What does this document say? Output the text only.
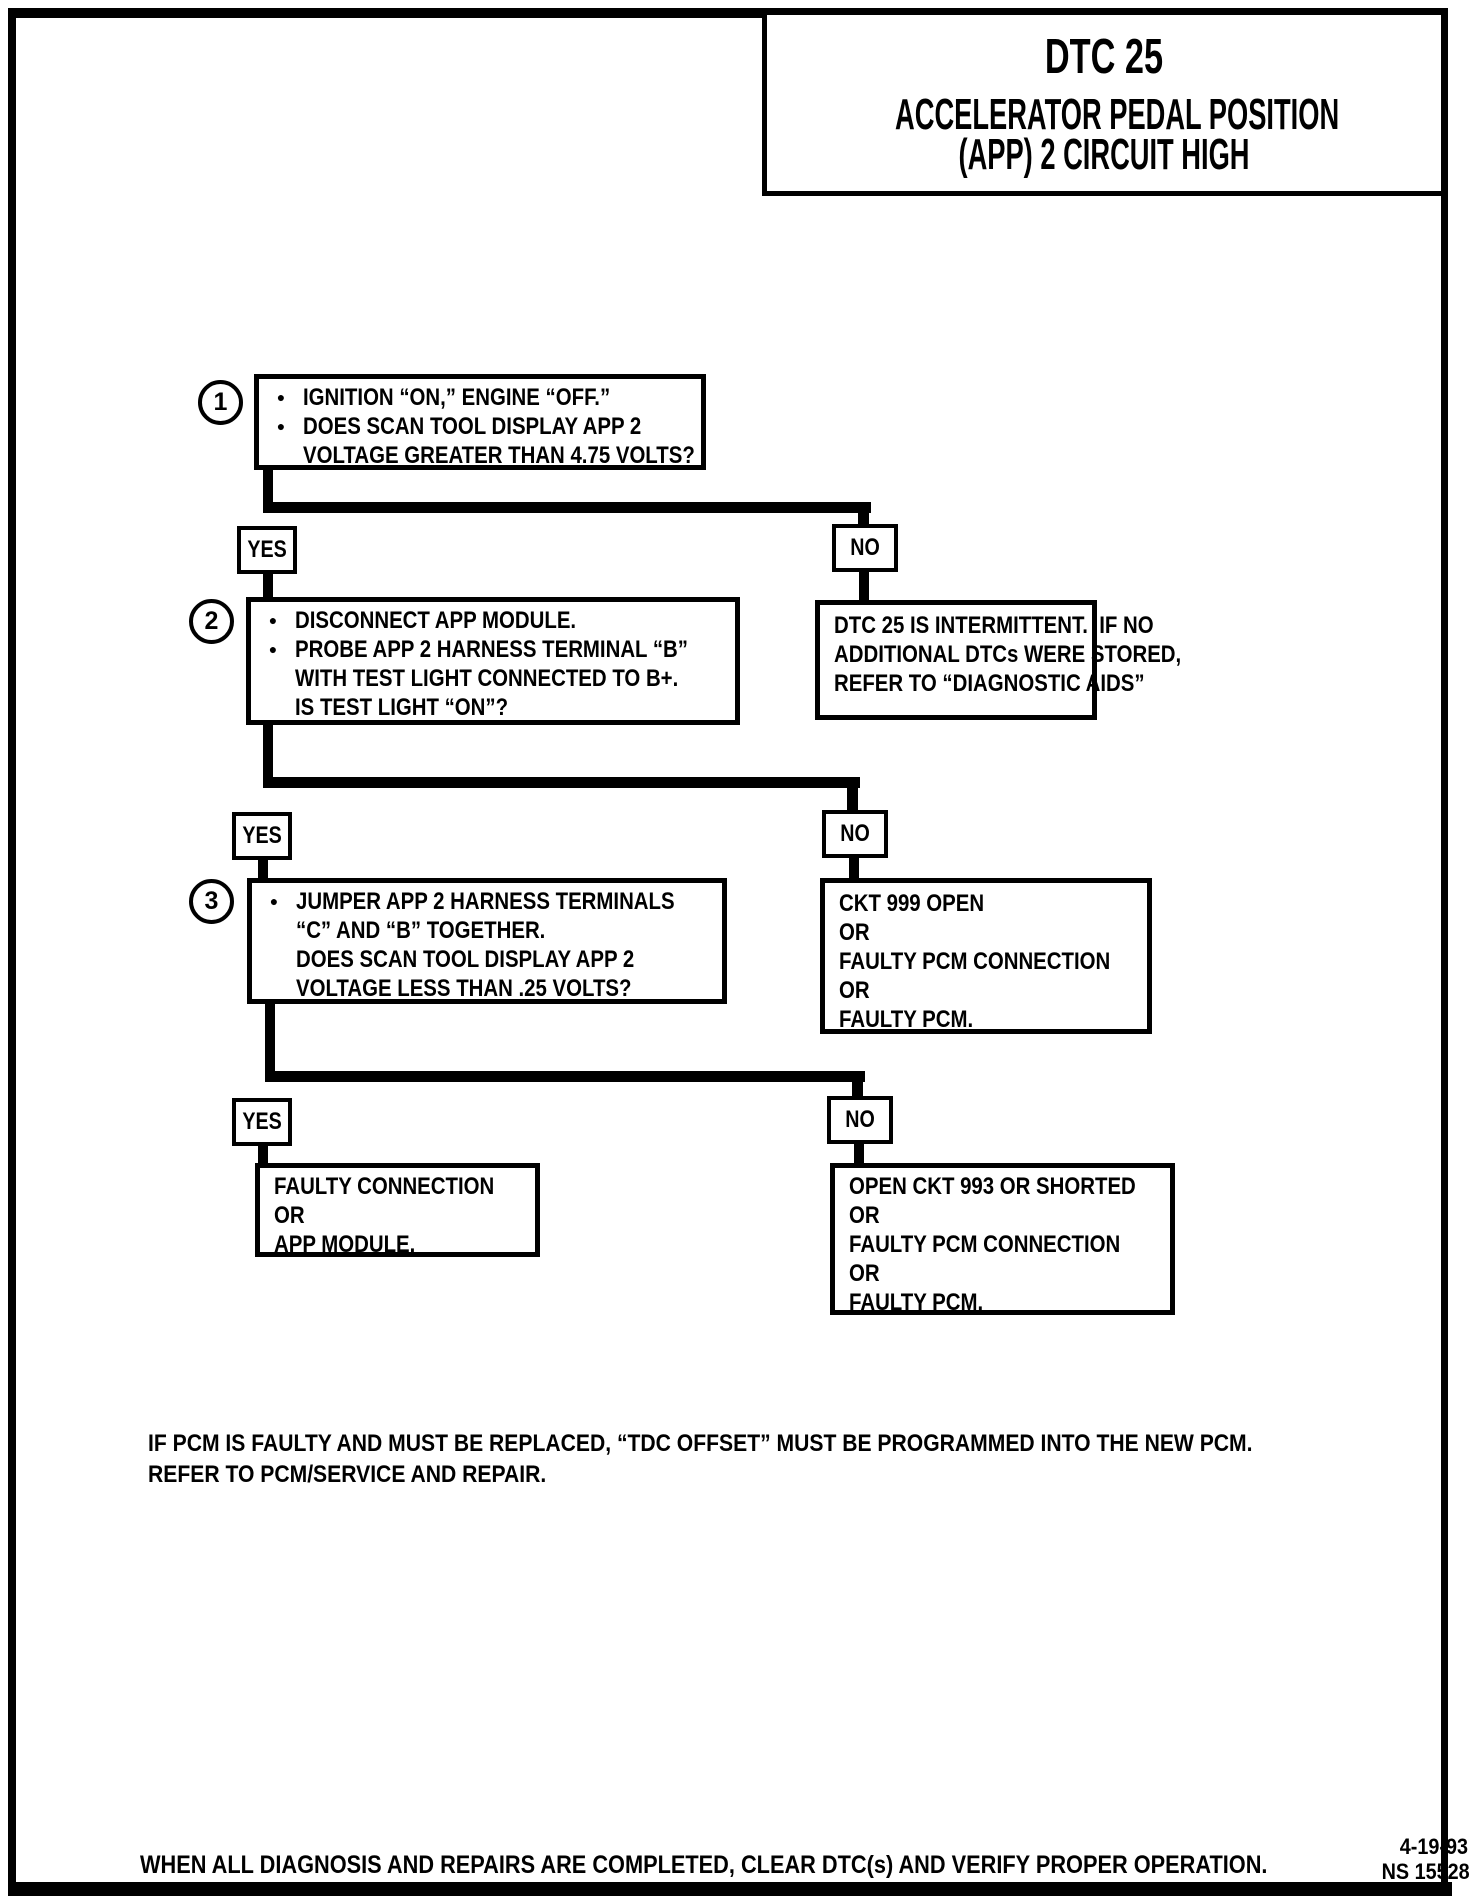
DTC 25
ACCELERATOR PEDAL POSITION
(APP) 2 CIRCUIT HIGH
1	● IGNITION “ON,” ENGINE “OFF.”
● DOES SCAN TOOL DISPLAY APP 2
VOLTAGE GREATER THAN 4.75 VOLTS?
YES	NO
2	● DISCONNECT APP MODULE.
● PROBE APP 2 HARNESS TERMINAL “B”
WITH TEST LIGHT CONNECTED TO B+.
IS TEST LIGHT “ON”?
DTC 25 IS INTERMITTENT.  IF NO
ADDITIONAL DTCs WERE STORED,
REFER TO “DIAGNOSTIC AIDS”
YES	NO
3	● JUMPER APP 2 HARNESS TERMINALS
“C” AND “B” TOGETHER.
DOES SCAN TOOL DISPLAY APP 2
VOLTAGE LESS THAN .25 VOLTS?
CKT 999 OPEN
OR
FAULTY PCM CONNECTION
OR
FAULTY PCM.
YES	NO
FAULTY CONNECTION
OR
APP MODULE.
OPEN CKT 993 OR SHORTED
OR
FAULTY PCM CONNECTION
OR
FAULTY PCM.
IF PCM IS FAULTY AND MUST BE REPLACED, “TDC OFFSET” MUST BE PROGRAMMED INTO THE NEW PCM.
REFER TO PCM/SERVICE AND REPAIR.
WHEN ALL DIAGNOSIS AND REPAIRS ARE COMPLETED, CLEAR DTC(s) AND VERIFY PROPER OPERATION.
4-19-93
NS 15528
